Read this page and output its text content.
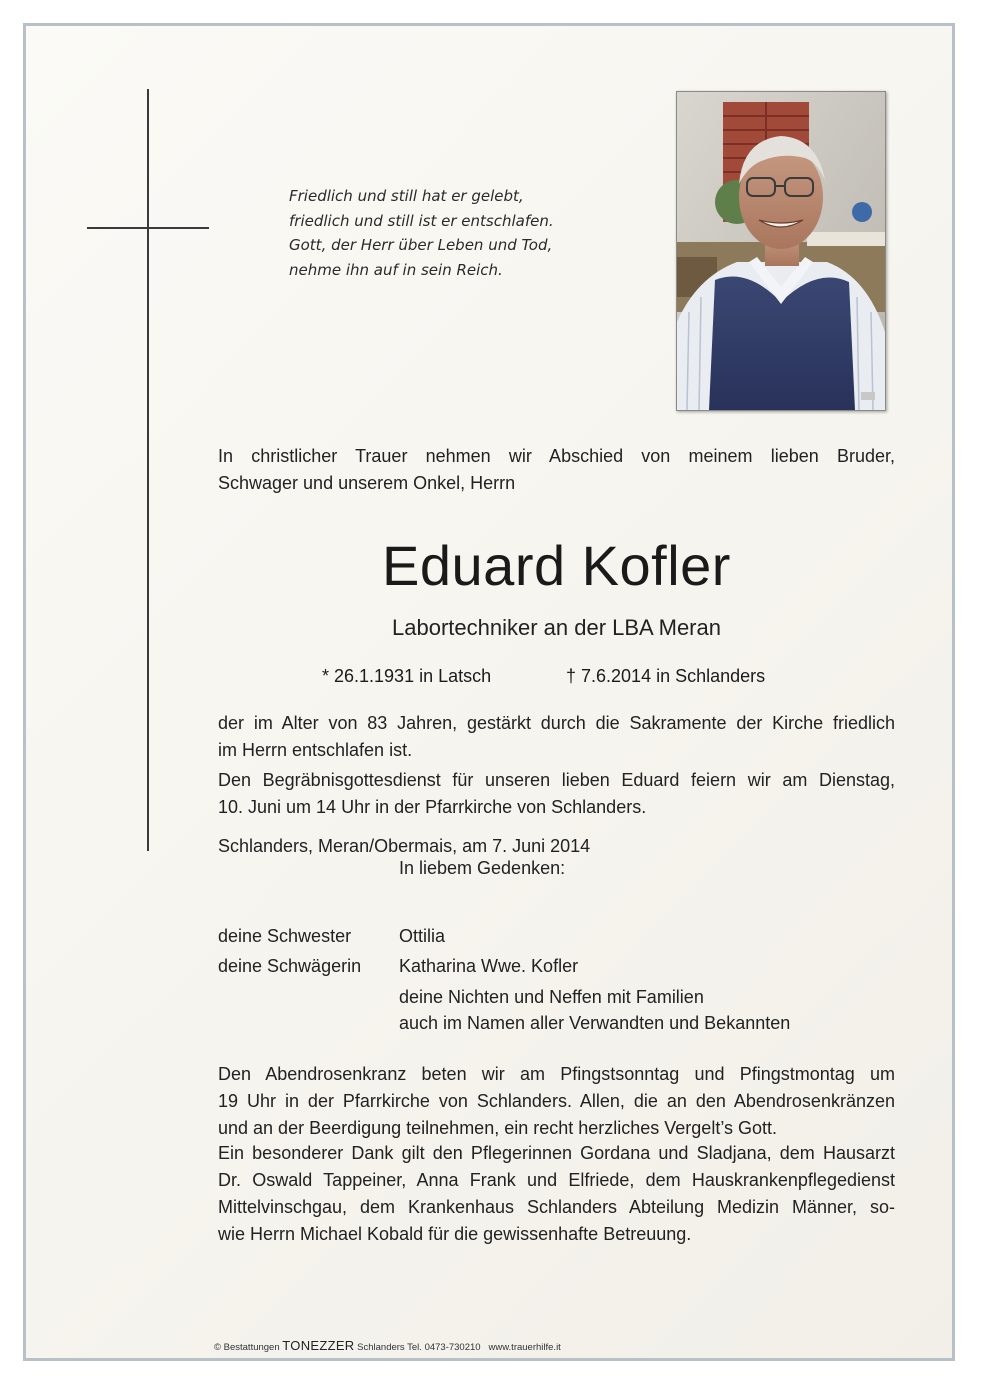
Friedlich und still hat er gelebt,
friedlich und still ist er entschlafen.
Gott, der Herr über Leben und Tod,
nehme ihn auf in sein Reich.
In christlicher Trauer nehmen wir Abschied von meinem lieben Bruder,
Schwager und unserem Onkel, Herrn
Eduard Kofler
Labortechniker an der LBA Meran
* 26.1.1931 in Latsch	† 7.6.2014 in Schlanders
der im Alter von 83 Jahren, gestärkt durch die Sakramente der Kirche friedlich
im Herrn entschlafen ist.
Den Begräbnisgottesdienst für unseren lieben Eduard feiern wir am Dienstag,
10. Juni um 14 Uhr in der Pfarrkirche von Schlanders.
Schlanders, Meran/Obermais, am 7. Juni 2014
In liebem Gedenken:
deine Schwester	Ottilia
deine Schwägerin Katharina Wwe. Kofler
deine Nichten und Neffen mit Familien
auch im Namen aller Verwandten und Bekannten
Den Abendrosenkranz beten wir am Pfingstsonntag und Pfingstmontag um
19 Uhr in der Pfarrkirche von Schlanders. Allen, die an den Abendrosenkränzen
und an der Beerdigung teilnehmen, ein recht herzliches Vergelt’s Gott.
Ein besonderer Dank gilt den Pflegerinnen Gordana und Sladjana, dem Hausarzt
Dr. Oswald Tappeiner, Anna Frank und Elfriede, dem Hauskrankenpflegedienst
Mittelvinschgau, dem Krankenhaus Schlanders Abteilung Medizin Männer, so-
wie Herrn Michael Kobald für die gewissenhafte Betreuung.
© Bestattungen TONEZZER Schlanders Tel. 0473-730210 www.trauerhilfe.it
